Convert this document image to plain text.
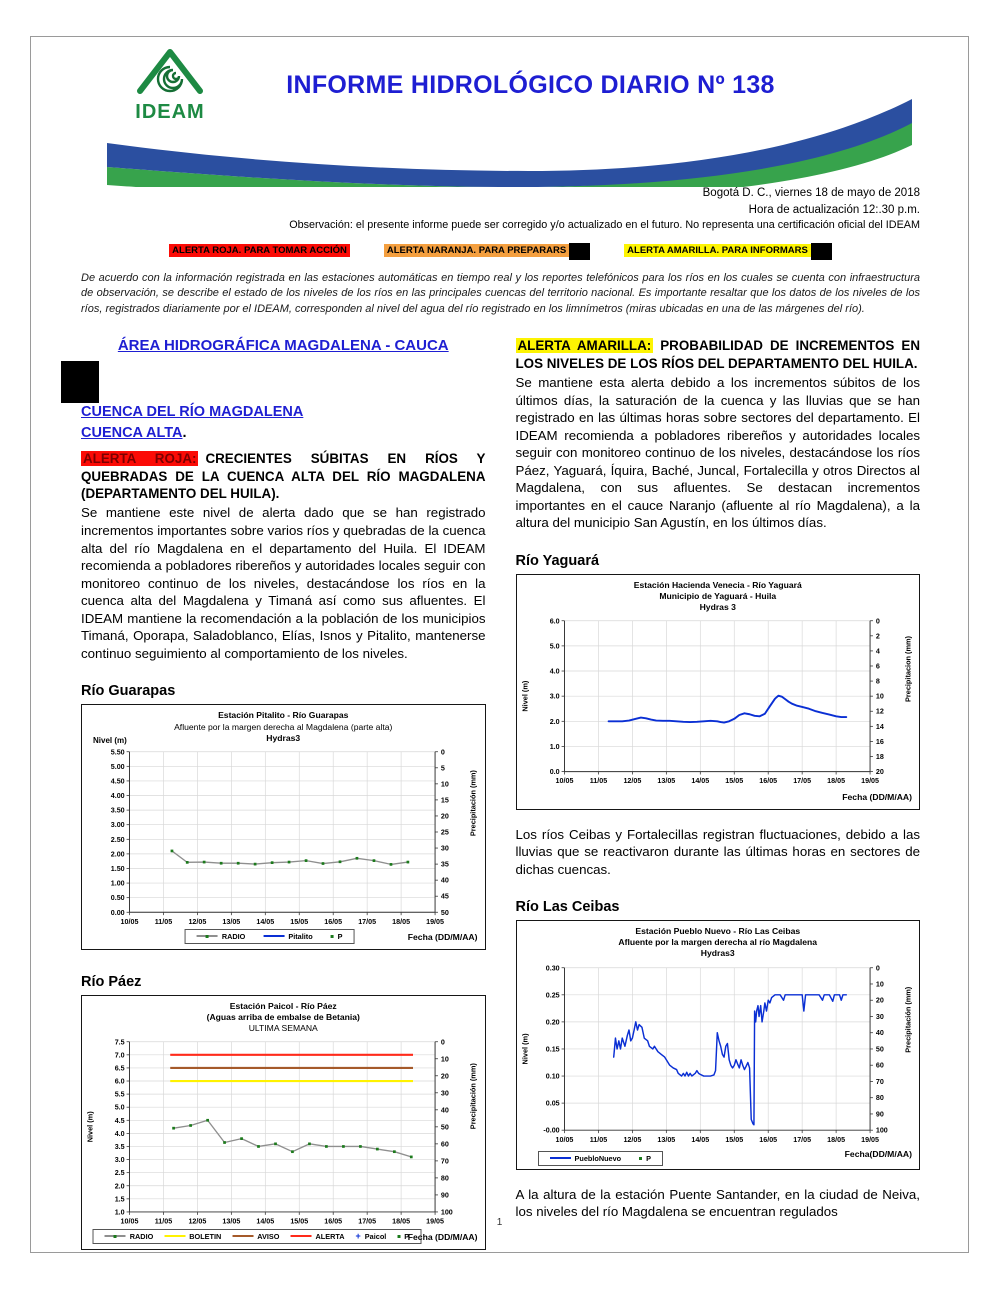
IDEAM
INFORME HIDROLÓGICO DIARIO Nº 138
Bogotá D. C., viernes 18 de mayo de 2018
Hora de actualización 12:.30 p.m.
Observación: el presente informe puede ser corregido y/o actualizado en el futuro. No representa una certificación oficial del IDEAM
ALERTA ROJA. PARA TOMAR ACCIÓN	ALERTA NARANJA. PARA PREPARARS	ALERTA AMARILLA. PARA INFORMARS

De acuerdo con la información registrada en las estaciones automáticas en tiempo real y los reportes telefónicos para los ríos en los cuales se cuenta con infraestructura de observación, se describe el estado de los niveles de los ríos en las principales cuencas del territorio nacional. Es importante resaltar que los datos de los niveles de los ríos, registrados diariamente por el IDEAM, corresponden al nivel del agua del río registrado en los limnímetros (miras ubicadas en una de las márgenes del río).

ÁREA HIDROGRÁFICA MAGDALENA - CAUCA
CUENCA DEL RÍO MAGDALENA
CUENCA ALTA.

ALERTA ROJA: CRECIENTES SÚBITAS EN RÍOS Y QUEBRADAS DE LA CUENCA ALTA DEL RÍO MAGDALENA (DEPARTAMENTO DEL HUILA).

Se mantiene este nivel de alerta dado que se han registrado incrementos importantes sobre varios ríos y quebradas de la cuenca alta del río Magdalena en el departamento del Huila. El IDEAM recomienda a pobladores ribereños y autoridades locales seguir con monitoreo continuo de los niveles, destacándose los ríos en la cuenca alta del Magdalena y Timaná así como sus afluentes. El IDEAM mantiene la recomendación a la población de los municipios Timaná, Oporapa, Saladoblanco, Elías, Isnos y Pitalito, mantenerse continuo seguimiento al comportamiento de los niveles.

Río Guarapas
Estación Pitalito - Río Guarapas
Afluente por la margen derecha al Magdalena (parte alta)
Hydras3
Nivel (m)
10/05 11/05 12/05 13/05 14/05 15/05 16/05 17/05 18/05 19/05
5.50
5.00
4.50
4.00
3.50
3.00
2.50
2.00
1.50
1.00
0.50
0.00
0
5
10
15
20
25
30
35
40
45
50
Precipitación (mm)
RADIO	Pitalito	P	Fecha (DD/M/AA)
Río Páez
Estación Paicol - Río Páez
(Aguas arriba de embalse de Betania)
ULTIMA SEMANA
10/05 11/05 12/05 13/05 14/05 15/05 16/05 17/05 18/05 19/05
7.5
7.0
6.5
6.0
5.5
5.0
4.5
4.0
3.5
3.0
2.5
2.0
1.5
1.0
0
10
20
30
40
50
60
70
80
90
100
Nivel (m)	Precipitación (mm)
RADIO	BOLETIN	AVISO	ALERTA + Paicol P
Fecha (DD/M/AA)

ALERTA AMARILLA: PROBABILIDAD DE INCREMENTOS EN LOS NIVELES DE LOS RÍOS DEL DEPARTAMENTO DEL HUILA.

Se mantiene esta alerta debido a los incrementos súbitos de los últimos días, la saturación de la cuenca y las lluvias que se han registrado en las últimas horas sobre sectores del departamento. El IDEAM recomienda a pobladores ribereños y autoridades locales seguir con monitoreo continuo de los niveles, destacándose los ríos Páez, Yaguará, Íquira, Baché, Juncal, Fortalecilla y otros Directos al Magdalena, con sus afluentes. Se destacan incrementos importantes en el cauce Naranjo (afluente al río Magdalena), a la altura del municipio San Agustín, en los últimos días.

Río Yaguará
Estación Hacienda Venecia - Río Yaguará
Municipio de Yaguará - Huila
Hydras 3
10/05 11/05 12/05 13/05 14/05 15/05 16/05 17/05 18/05 19/05
6.0
5.0
4.0
3.0
2.0
1.0
0.0
0
2
4
6
8
10
12
14
16
18
20
Nivel (m)	Precipitacion (mm)
Fecha (DD/M/AA)

Los ríos Ceibas y Fortalecillas registran fluctuaciones, debido a las lluvias que se reactivaron durante las últimas horas en sectores de dichas cuencas.

Río Las Ceibas
Estación Pueblo Nuevo - Río Las Ceibas
Afluente por la margen derecha al río Magdalena
Hydras3
10/05 11/05 12/05 13/05 14/05 15/05 16/05 17/05 18/05 19/05
0.30
0.25
0.20
0.15
0.10
0.05
-0.00
0
10
20
30
40
50
60
70
80
90
100
Nivel (m)	Precipitación (mm)
PuebloNuevo	P	Fecha(DD/M/AA)

A la altura de la estación Puente Santander, en la ciudad de Neiva, los niveles del río Magdalena se encuentran regulados

1
